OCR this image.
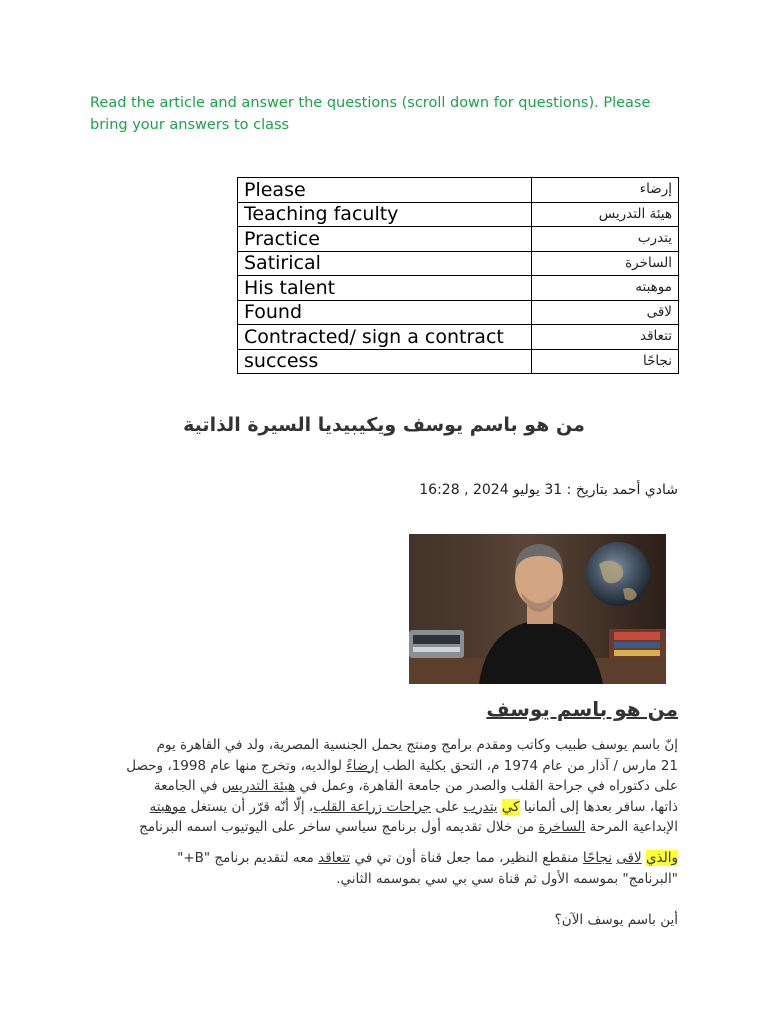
Read the article and answer the questions (scroll down for questions). Please bring your answers to class
Please	إرضاء
Teaching faculty	هيئة التدريس
Practice	يتدرب
Satirical	الساخرة
His talent	موهبته
Found	لاقى
Contracted/ sign a contract	تتعاقد
success	نجاحًا
من هو باسم يوسف ويكيبيديا السيرة الذاتية
شادي أحمد بتاريخ : 31 يوليو 2024 , 16:28
من هو باسم يوسف
إنّ باسم يوسف طبيب وكاتب ومقدم برامج ومنتج يحمل الجنسية المصرية، ولد في القاهرة يوم
21 مارس / آذار من عام 1974 م، التحق بكلية الطب إرضاءً لوالديه، وتخرج منها عام 1998، وحصل
على دكتوراه في جراحة القلب والصدر من جامعة القاهرة، وعمل في هيئة التدريس في الجامعة
ذاتها، سافر بعدها إلى ألمانيا كي يتدرب على جراحات زراعة القلب، إلّا أنّه قرّر أن يستغل موهبته
الإبداعية المرحة الساخرة من خلال تقديمه أول برنامج سياسي ساخر على اليوتيوب اسمه البرنامج
والذي لاقى نجاحًا منقطع النظير، مما جعل قناة أون تي في تتعاقد معه لتقديم برنامج "B+"
"البرنامج" بموسمه الأول ثم قناة سي بي سي بموسمه الثاني.
أين باسم يوسف الآن؟
